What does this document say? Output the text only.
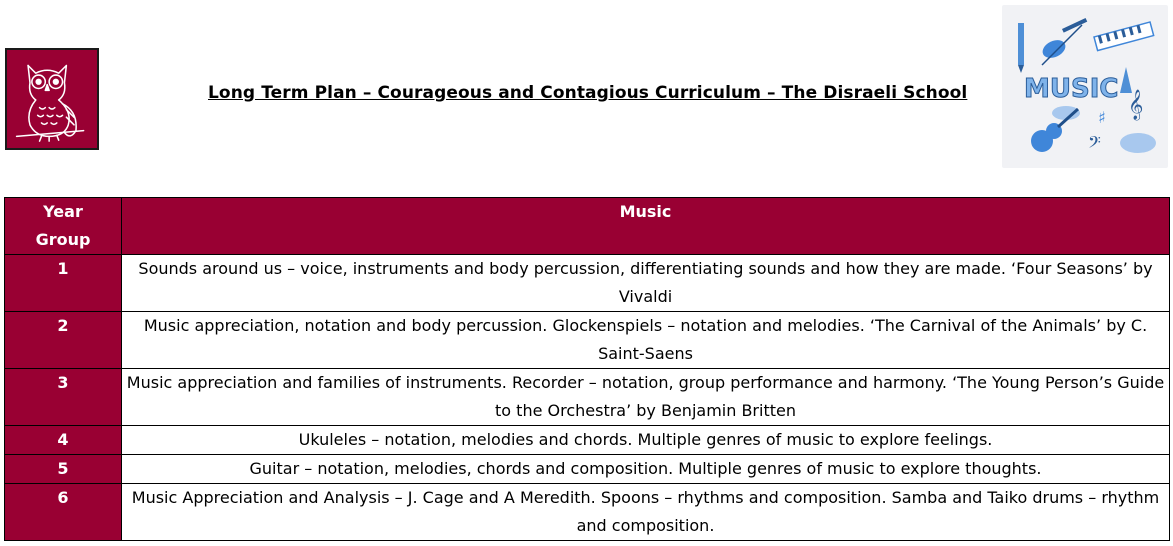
Long Term Plan – Courageous and Contagious Curriculum – The Disraeli School MUSIC
𝄞
♯
𝄢
Year Group	Music
1	Sounds around us – voice, instruments and body percussion, differentiating sounds and how they are made. ‘Four Seasons’ by Vivaldi
2	Music appreciation, notation and body percussion. Glockenspiels – notation and melodies. ‘The Carnival of the Animals’ by C. Saint-Saens
3	Music appreciation and families of instruments. Recorder – notation, group performance and harmony. ‘The Young Person’s Guide to the Orchestra’ by Benjamin Britten
4	Ukuleles – notation, melodies and chords. Multiple genres of music to explore feelings.
5	Guitar – notation, melodies, chords and composition. Multiple genres of music to explore thoughts.
6	Music Appreciation and Analysis – J. Cage and A Meredith. Spoons – rhythms and composition. Samba and Taiko drums – rhythm and composition.
